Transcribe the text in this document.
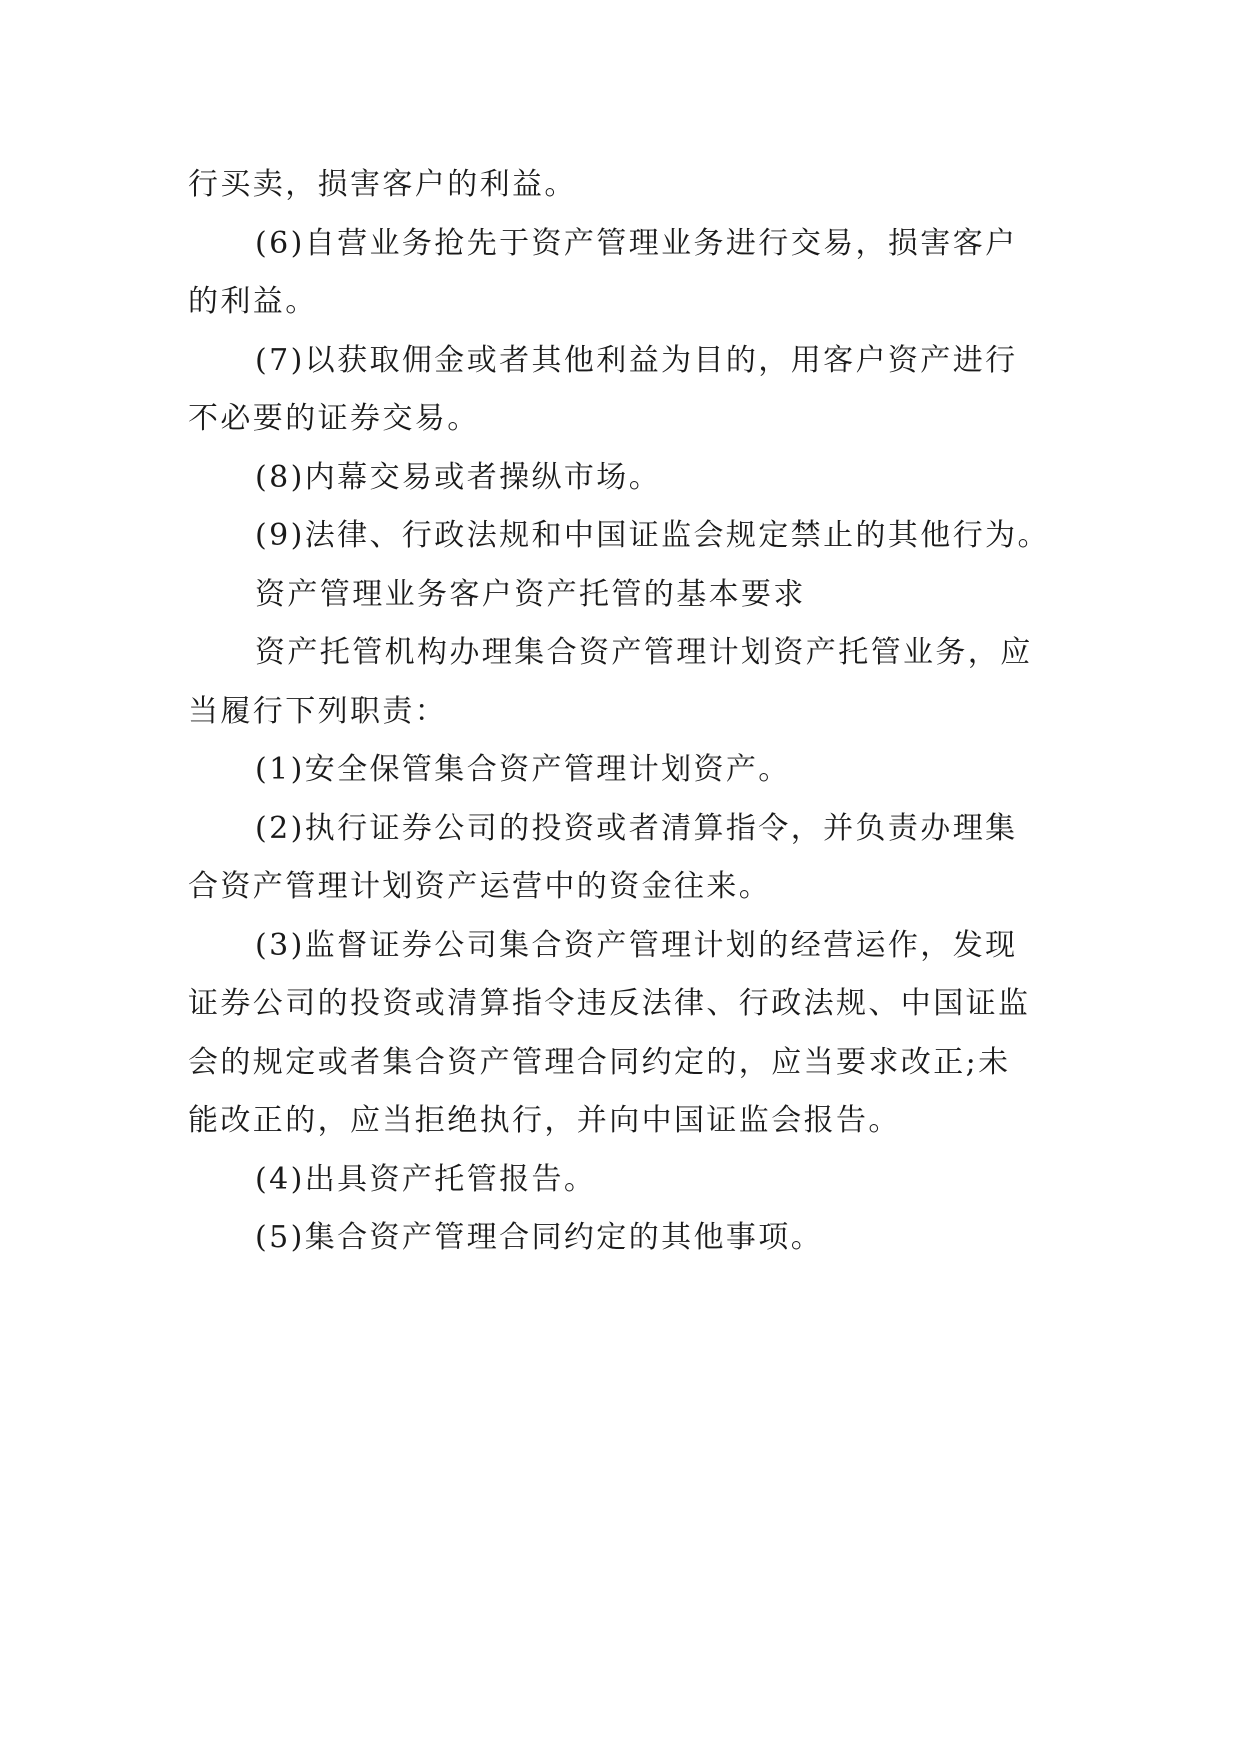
行买卖，损害客户的利益。
(6)自营业务抢先于资产管理业务进行交易，损害客户
的利益。
(7)以获取佣金或者其他利益为目的，用客户资产进行
不必要的证券交易。
(8)内幕交易或者操纵市场。
(9)法律、行政法规和中国证监会规定禁止的其他行为。
资产管理业务客户资产托管的基本要求
资产托管机构办理集合资产管理计划资产托管业务，应
当履行下列职责：
(1)安全保管集合资产管理计划资产。
(2)执行证券公司的投资或者清算指令，并负责办理集
合资产管理计划资产运营中的资金往来。
(3)监督证券公司集合资产管理计划的经营运作，发现
证券公司的投资或清算指令违反法律、行政法规、中国证监
会的规定或者集合资产管理合同约定的，应当要求改正;未
能改正的，应当拒绝执行，并向中国证监会报告。
(4)出具资产托管报告。
(5)集合资产管理合同约定的其他事项。
